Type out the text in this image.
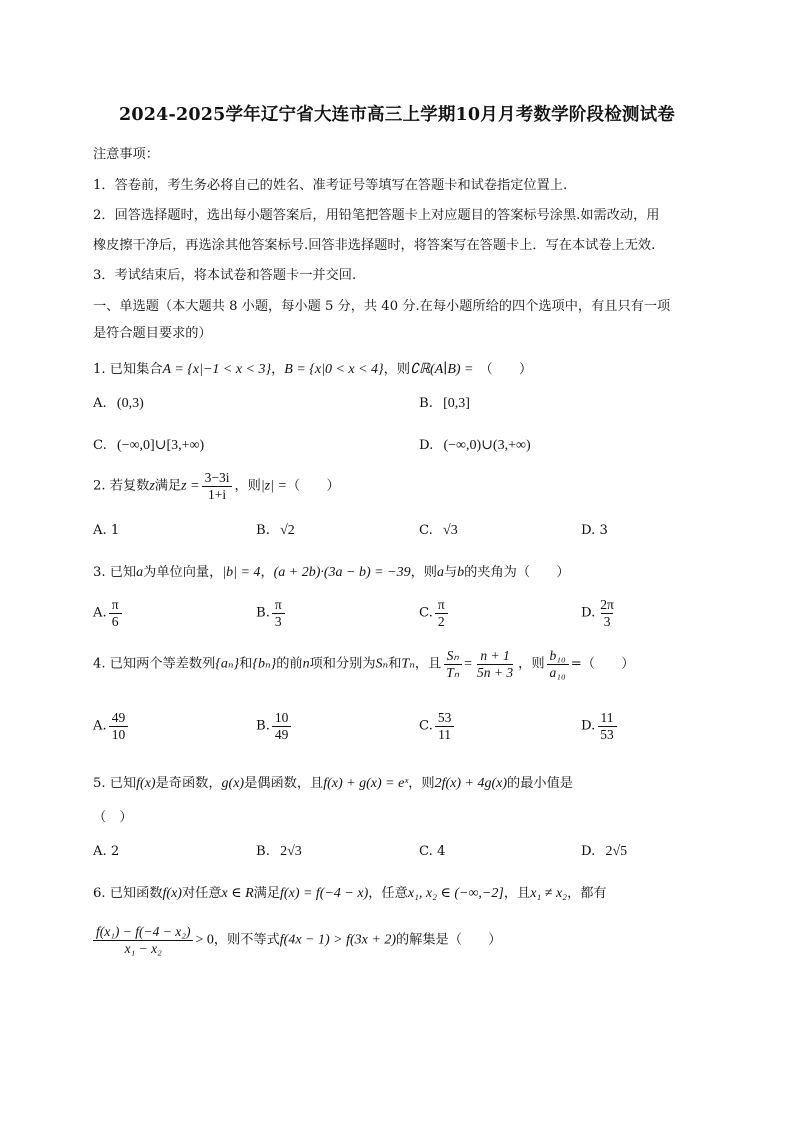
2024-2025学年辽宁省大连市高三上学期10月月考数学阶段检测试卷
注意事项：
1．答卷前，考生务必将自己的姓名、准考证号等填写在答题卡和试卷指定位置上.
2．回答选择题时，选出每小题答案后，用铅笔把答题卡上对应题目的答案标号涂黑.如需改动，用
橡皮擦干净后，再选涂其他答案标号.回答非选择题时，将答案写在答题卡上．写在本试卷上无效.
3．考试结束后，将本试卷和答题卡一并交回.
一、单选题（本大题共 8 小题，每小题 5 分，共 40 分.在每小题所给的四个选项中，有且只有一项
是符合题目要求的）
1. 已知集合A = {x|−1 < x < 3}，B = {x|0 < x < 4}，则∁ℝ(A∣B) = （　　）
A. (0,3)	B. [0,3]
C. (−∞,0]∪[3,+∞)	D. (−∞,0)∪(3,+∞)
2. 若复数z满足$z = \frac{3-3i}{1+i}$ ，则|z| =（　　）
A. 1	B. √2	C. √3	D. 3
3. 已知a为单位向量，|b| = 4，(a + 2b)·(3a − b) = −39，则a与b的夹角为（　　）
A. $\frac{\pi}{6}$	B. $\frac{\pi}{3}$	C. $\frac{\pi}{2}$	D. $\frac{2\pi}{3}$
4. 已知两个等差数列{aₙ}和{bₙ}的前n项和分别为Sₙ和Tₙ，且 $\frac{\text{Sₙ}}{\text{Tₙ}} = \frac{n + 1}{5n + 3}$ ，则 $\frac{\text{b₁₀}}{\text{a₁₀}}$ =（　　）
A. $\frac{49}{10}$	B. $\frac{10}{49}$	C. $\frac{53}{11}$	D. $\frac{11}{53}$
5. 已知f(x)是奇函数，g(x)是偶函数，且f(x) + g(x) = eˣ，则2f(x) + 4g(x)的最小值是
（　）
A. 2	B. 2√3	C. 4	D. 2√5
6. 已知函数f(x)对任意x ∈ R满足f(x) = f(−4 − x)，任意x₁, x₂ ∈ (−∞,−2]，且x₁ ≠ x₂，都有
$\frac{\text{f(x₁) − f(−4 − x₂)}}{\text{x₁ − x₂}} > 0$，则不等式f(4x − 1) > f(3x + 2)的解集是（　　）
